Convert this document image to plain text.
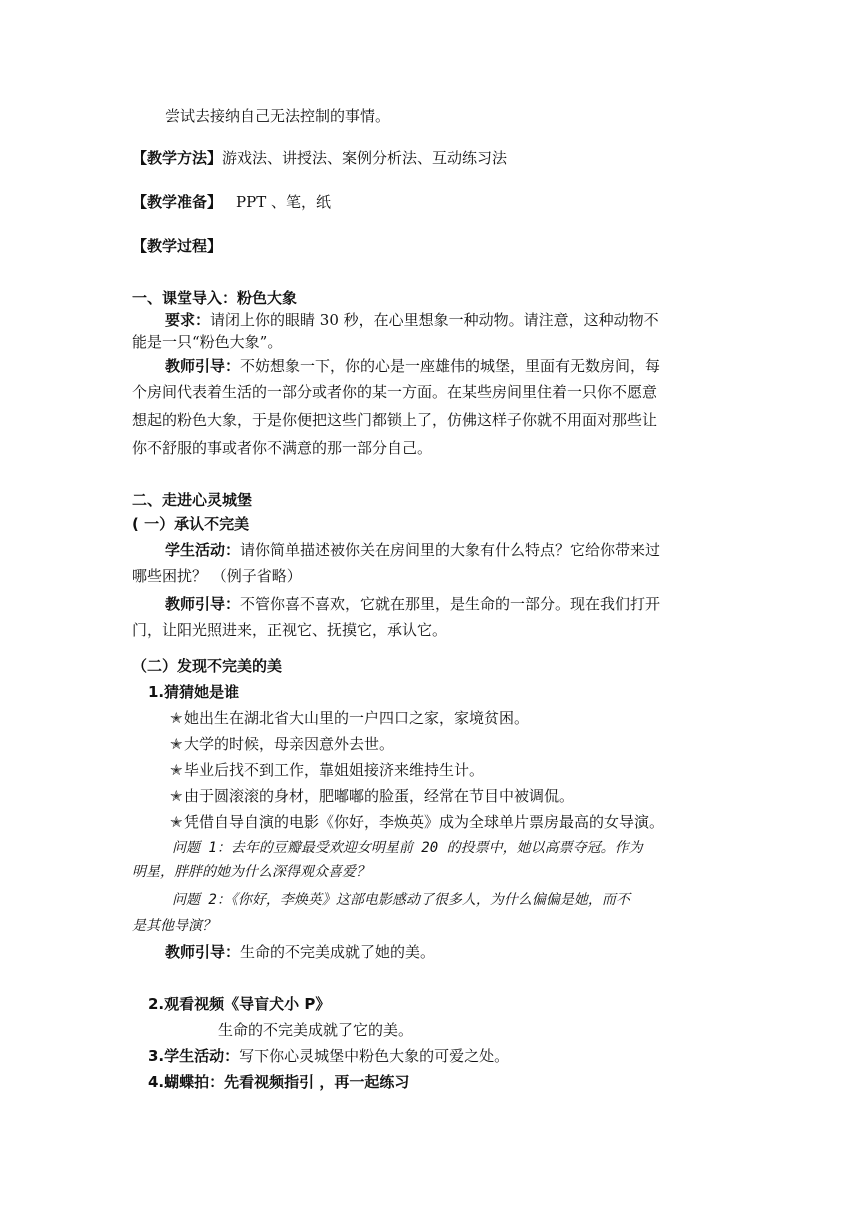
尝试去接纳自己无法控制的事情。
【教学方法】游戏法、讲授法、案例分析法、互动练习法
【教学准备】 PPT 、笔，纸
【教学过程】
一、课堂导入：粉色大象
要求：请闭上你的眼睛 30 秒，在心里想象一种动物。请注意，这种动物不
能是一只“粉色大象”。
教师引导：不妨想象一下，你的心是一座雄伟的城堡，里面有无数房间，每
个房间代表着生活的一部分或者你的某一方面。在某些房间里住着一只你不愿意
想起的粉色大象，于是你便把这些门都锁上了，仿佛这样子你就不用面对那些让
你不舒服的事或者你不满意的那一部分自己。
二、走进心灵城堡
( 一）承认不完美
学生活动：请你简单描述被你关在房间里的大象有什么特点？它给你带来过
哪些困扰？ （例子省略）
教师引导：不管你喜不喜欢，它就在那里，是生命的一部分。现在我们打开
门，让阳光照进来，正视它、抚摸它，承认它。
（二）发现不完美的美
1.猜猜她是谁
✭她出生在湖北省大山里的一户四口之家，家境贫困。
✭大学的时候，母亲因意外去世。
✭毕业后找不到工作，靠姐姐接济来维持生计。
✭由于圆滚滚的身材，肥嘟嘟的脸蛋，经常在节目中被调侃。
✭凭借自导自演的电影《你好，李焕英》成为全球单片票房最高的女导演。
问题 1：去年的豆瓣最受欢迎女明星前 20 的投票中，她以高票夺冠。作为
明星，胖胖的她为什么深得观众喜爱？
问题 2：《你好，李焕英》这部电影感动了很多人，为什么偏偏是她，而不
是其他导演？
教师引导：生命的不完美成就了她的美。
2.观看视频《导盲犬小 P》
生命的不完美成就了它的美。
3.学生活动：写下你心灵城堡中粉色大象的可爱之处。
4.蝴蝶拍：先看视频指引 ，再一起练习
